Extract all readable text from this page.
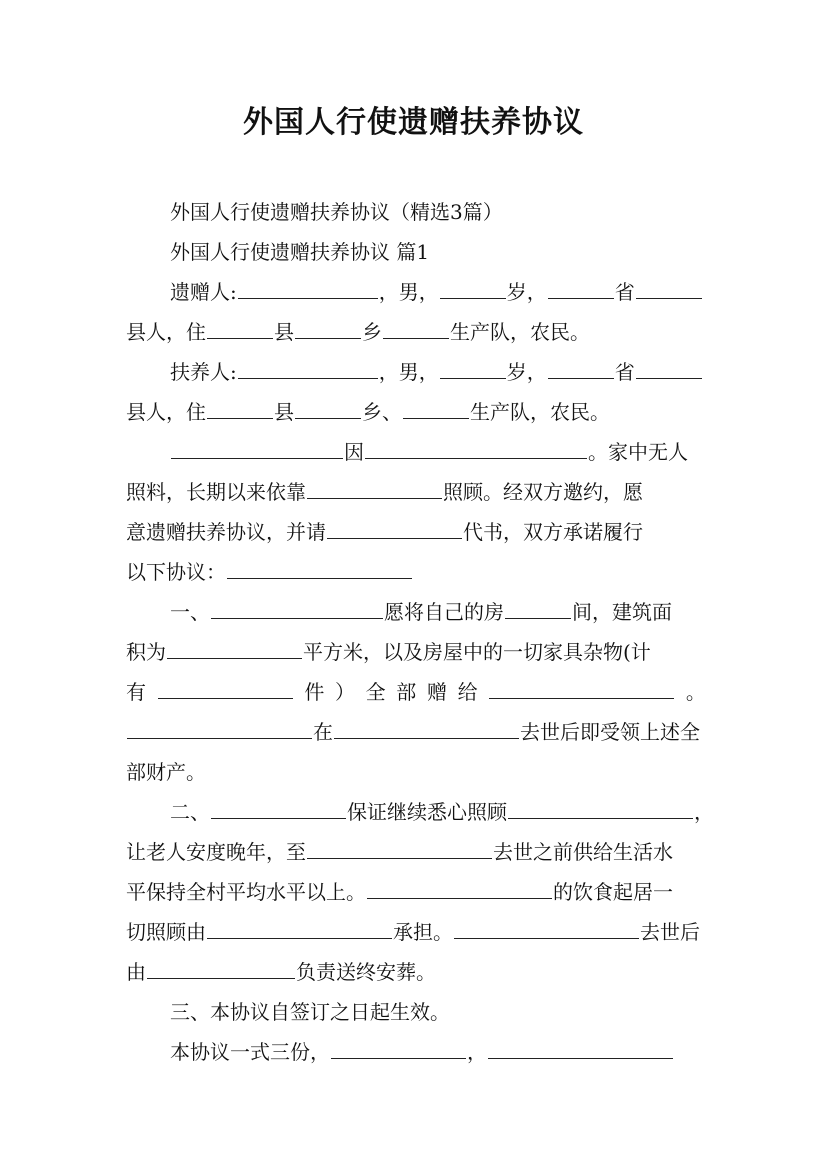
外国人行使遗赠扶养协议
外国人行使遗赠扶养协议（精选3篇）
外国人行使遗赠扶养协议 篇1
遗赠人:	，男，	岁，	省
县人，住	县	乡	生产队，农民。
扶养人:	，男，	岁，	省
县人，住	县	乡、	生产队，农民。
因	。家中无人
照料，长期以来依靠	照顾。经双方邀约，愿
意遗赠扶养协议，并请	代书，双方承诺履行
以下协议：
一、	愿将自己的房	间，建筑面
积为	平方米，以及房屋中的一切家具杂物(计
有	件 ） 全 部 赠 给	。
在	去世后即受领上述全
部财产。
二、	保证继续悉心照顾	，
让老人安度晚年，至	去世之前供给生活水
平保持全村平均水平以上。	的饮食起居一
切照顾由	承担。	去世后
由	负责送终安葬。
三、本协议自签订之日起生效。
本协议一式三份，	，
